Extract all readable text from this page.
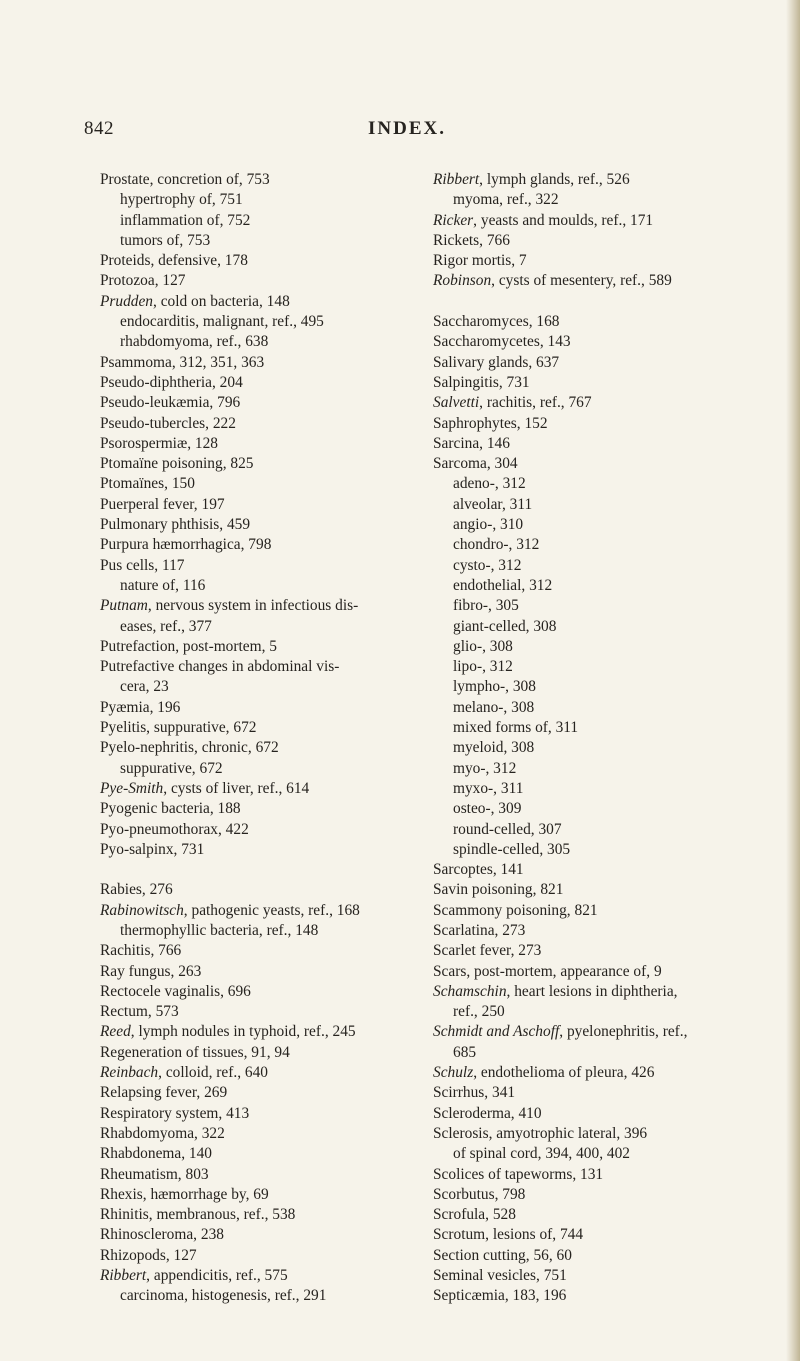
842	INDEX.
Prostate, concretion of, 753
hypertrophy of, 751
inflammation of, 752
tumors of, 753
Proteids, defensive, 178
Protozoa, 127
Prudden, cold on bacteria, 148
endocarditis, malignant, ref., 495
rhabdomyoma, ref., 638
Psammoma, 312, 351, 363
Pseudo-diphtheria, 204
Pseudo-leukæmia, 796
Pseudo-tubercles, 222
Psorospermiæ, 128
Ptomaïne poisoning, 825
Ptomaïnes, 150
Puerperal fever, 197
Pulmonary phthisis, 459
Purpura hæmorrhagica, 798
Pus cells, 117
nature of, 116
Putnam, nervous system in infectious dis-
eases, ref., 377
Putrefaction, post-mortem, 5
Putrefactive changes in abdominal vis-
cera, 23
Pyæmia, 196
Pyelitis, suppurative, 672
Pyelo-nephritis, chronic, 672
suppurative, 672
Pye-Smith, cysts of liver, ref., 614
Pyogenic bacteria, 188
Pyo-pneumothorax, 422
Pyo-salpinx, 731
Rabies, 276
Rabinowitsch, pathogenic yeasts, ref., 168
thermophyllic bacteria, ref., 148
Rachitis, 766
Ray fungus, 263
Rectocele vaginalis, 696
Rectum, 573
Reed, lymph nodules in typhoid, ref., 245
Regeneration of tissues, 91, 94
Reinbach, colloid, ref., 640
Relapsing fever, 269
Respiratory system, 413
Rhabdomyoma, 322
Rhabdonema, 140
Rheumatism, 803
Rhexis, hæmorrhage by, 69
Rhinitis, membranous, ref., 538
Rhinoscleroma, 238
Rhizopods, 127
Ribbert, appendicitis, ref., 575
carcinoma, histogenesis, ref., 291
Ribbert, lymph glands, ref., 526
myoma, ref., 322
Ricker, yeasts and moulds, ref., 171
Rickets, 766
Rigor mortis, 7
Robinson, cysts of mesentery, ref., 589
Saccharomyces, 168
Saccharomycetes, 143
Salivary glands, 637
Salpingitis, 731
Salvetti, rachitis, ref., 767
Saphrophytes, 152
Sarcina, 146
Sarcoma, 304
adeno-, 312
alveolar, 311
angio-, 310
chondro-, 312
cysto-, 312
endothelial, 312
fibro-, 305
giant-celled, 308
glio-, 308
lipo-, 312
lympho-, 308
melano-, 308
mixed forms of, 311
myeloid, 308
myo-, 312
myxo-, 311
osteo-, 309
round-celled, 307
spindle-celled, 305
Sarcoptes, 141
Savin poisoning, 821
Scammony poisoning, 821
Scarlatina, 273
Scarlet fever, 273
Scars, post-mortem, appearance of, 9
Schamschin, heart lesions in diphtheria,
ref., 250
Schmidt and Aschoff, pyelonephritis, ref.,
685
Schulz, endothelioma of pleura, 426
Scirrhus, 341
Scleroderma, 410
Sclerosis, amyotrophic lateral, 396
of spinal cord, 394, 400, 402
Scolices of tapeworms, 131
Scorbutus, 798
Scrofula, 528
Scrotum, lesions of, 744
Section cutting, 56, 60
Seminal vesicles, 751
Septicæmia, 183, 196
